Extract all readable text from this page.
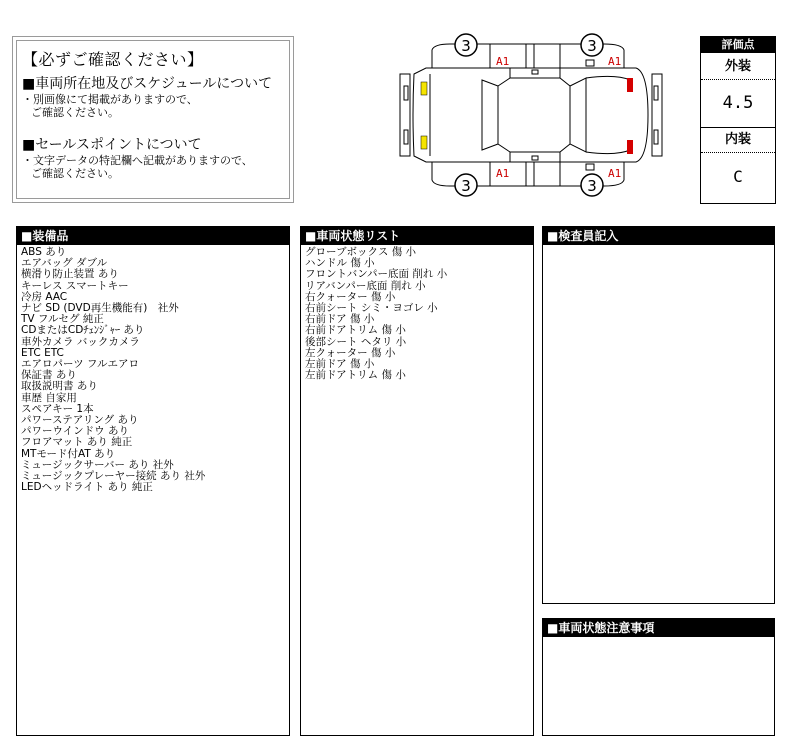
【必ずご確認ください】
■車両所在地及びスケジュールについて
・別画像にて掲載がありますので、
ご確認ください。
■セールスポイントについて
・文字データの特記欄へ記載がありますので、
ご確認ください。
3	3
3	3
A1	A1
A1	A1
評価点
外装
4.5
内装
C
■装備品
ABS あり
エアバッグ ダブル
横滑り防止装置 あり
キーレス スマートキー
冷房 AAC
ナビ SD (DVD再生機能有)　社外
TV フルセグ 純正
CDまたはCDﾁｪﾝｼﾞｬｰ あり
車外カメラ バックカメラ
ETC ETC
エアロパーツ フルエアロ
保証書 あり
取扱説明書 あり
車歴 自家用
スペアキー 1本
パワーステアリング あり
パワーウインドウ あり
フロアマット あり 純正
MTモード付AT あり
ミュージックサーバー あり 社外
ミュージックプレーヤー接続 あり 社外
LEDヘッドライト あり 純正
■車両状態リスト
グローブボックス 傷 小
ハンドル 傷 小
フロントバンパー底面 削れ 小
リアバンパー底面 削れ 小
右クォーター 傷 小
右前シート シミ・ヨゴレ 小
右前ドア 傷 小
右前ドアトリム 傷 小
後部シート ヘタリ 小
左クォーター 傷 小
左前ドア 傷 小
左前ドアトリム 傷 小
■検査員記入
■車両状態注意事項
